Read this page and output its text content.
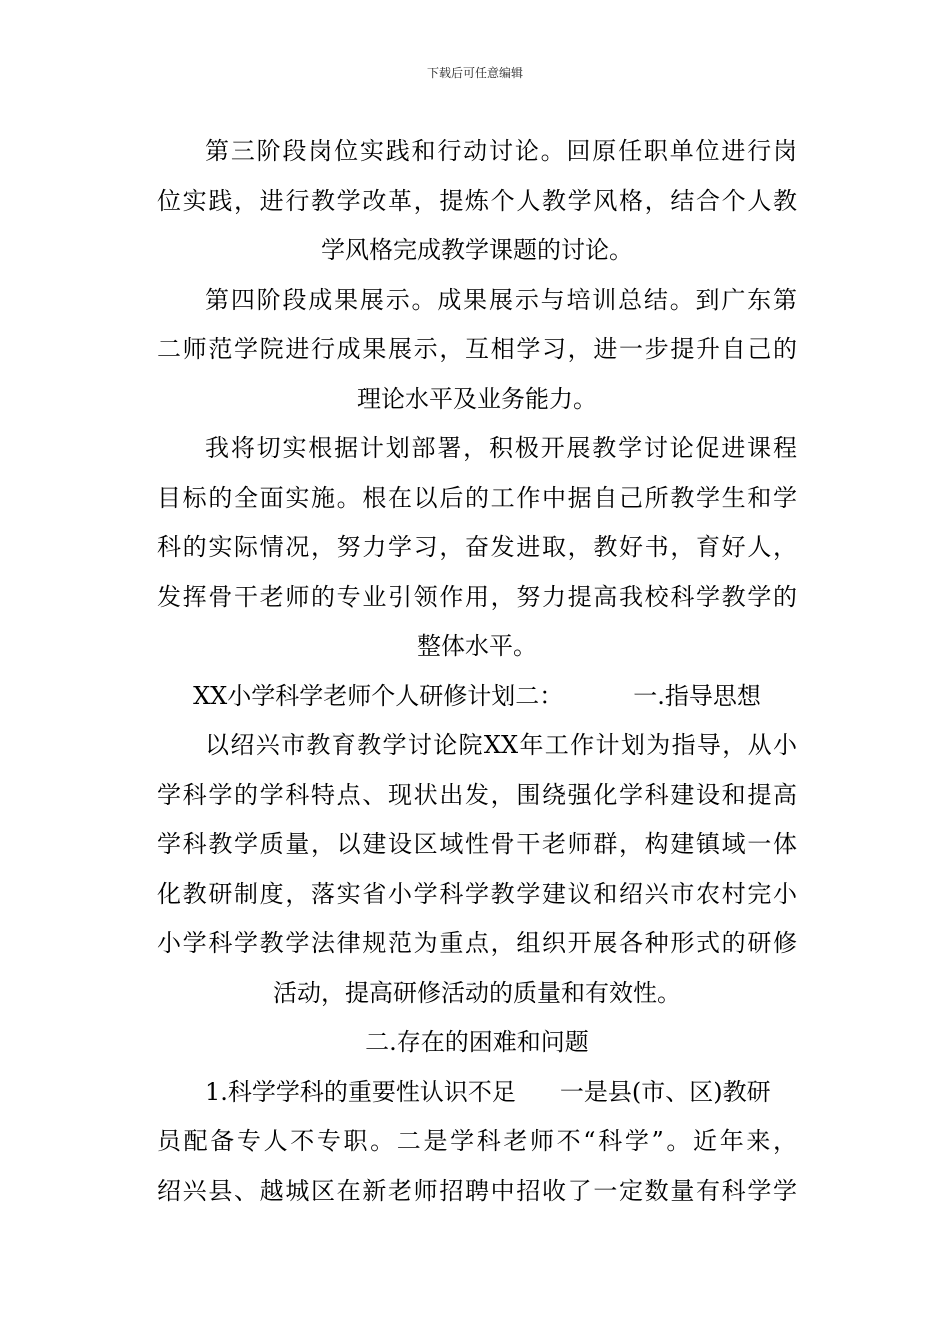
下载后可任意编辑
第三阶段岗位实践和行动讨论。回原任职单位进行岗
位实践，进行教学改革，提炼个人教学风格，结合个人教
学风格完成教学课题的讨论。
第四阶段成果展示。成果展示与培训总结。到广东第
二师范学院进行成果展示，互相学习，进一步提升自己的
理论水平及业务能力。
我将切实根据计划部署，积极开展教学讨论促进课程
目标的全面实施。根在以后的工作中据自己所教学生和学
科的实际情况，努力学习，奋发进取，教好书，育好人，
发挥骨干老师的专业引领作用，努力提高我校科学教学的
整体水平。
XX小学科学老师个人研修计划二：	一.指导思想
以绍兴市教育教学讨论院XX年工作计划为指导，从小
学科学的学科特点、现状出发，围绕强化学科建设和提高
学科教学质量，以建设区域性骨干老师群，构建镇域一体
化教研制度，落实省小学科学教学建议和绍兴市农村完小
小学科学教学法律规范为重点，组织开展各种形式的研修
活动，提高研修活动的质量和有效性。
二.存在的困难和问题
1.科学学科的重要性认识不足 一是县(市、区)教研
员配备专人不专职。二是学科老师不“科学”。近年来，
绍兴县、越城区在新老师招聘中招收了一定数量有科学学
